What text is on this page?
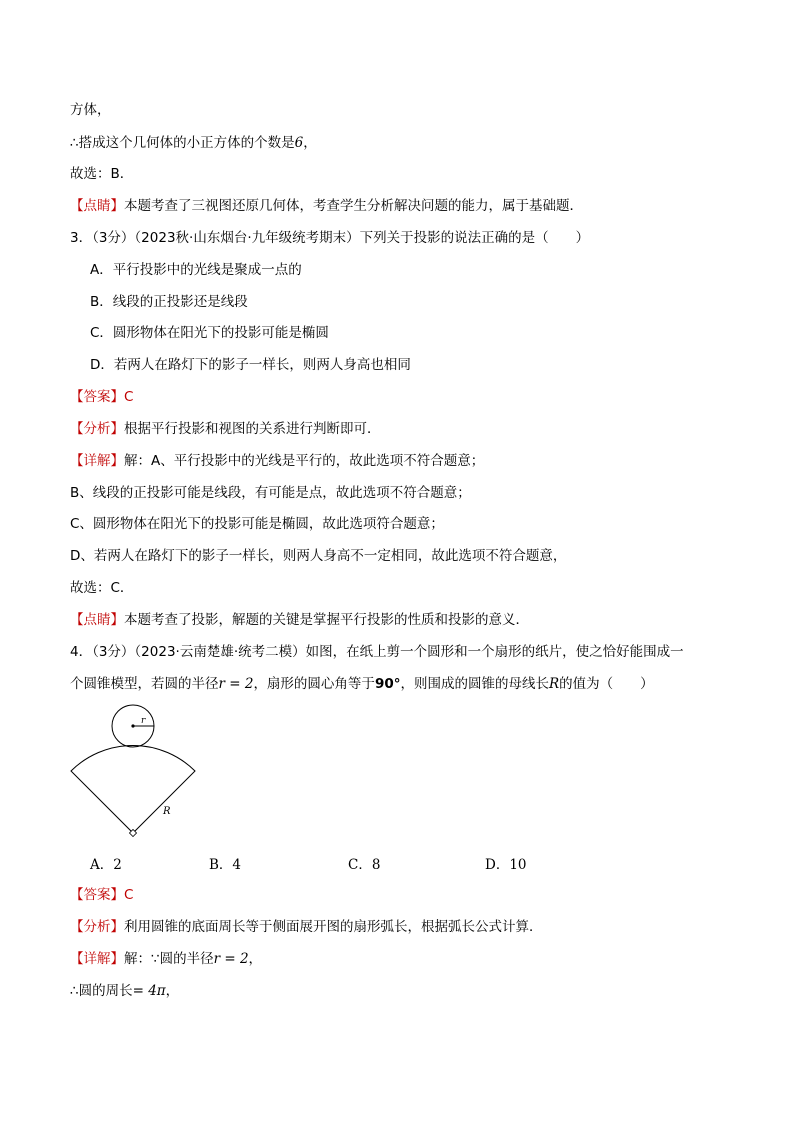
方体，
∴搭成这个几何体的小正方体的个数是6，
故选：B．
【点睛】本题考查了三视图还原几何体，考查学生分析解决问题的能力，属于基础题．
3．（3分）（2023秋·山东烟台·九年级统考期末）下列关于投影的说法正确的是（　　）
A．平行投影中的光线是聚成一点的
B．线段的正投影还是线段
C．圆形物体在阳光下的投影可能是椭圆
D．若两人在路灯下的影子一样长，则两人身高也相同
【答案】C
【分析】根据平行投影和视图的关系进行判断即可．
【详解】解：A、平行投影中的光线是平行的，故此选项不符合题意；
B、线段的正投影可能是线段，有可能是点，故此选项不符合题意；
C、圆形物体在阳光下的投影可能是椭圆，故此选项符合题意；
D、若两人在路灯下的影子一样长，则两人身高不一定相同，故此选项不符合题意，
故选：C．
【点睛】本题考查了投影，解题的关键是掌握平行投影的性质和投影的意义．
4．（3分）（2023·云南楚雄·统考二模）如图，在纸上剪一个圆形和一个扇形的纸片，使之恰好能围成一
个圆锥模型，若圆的半径r = 2，扇形的圆心角等于90°，则围成的圆锥的母线长R的值为（　　）
r
R
A．2	B．4	C．8	D．10
【答案】C
【分析】利用圆锥的底面周长等于侧面展开图的扇形弧长，根据弧长公式计算．
【详解】解：∵圆的半径r = 2，
∴圆的周长= 4π，
